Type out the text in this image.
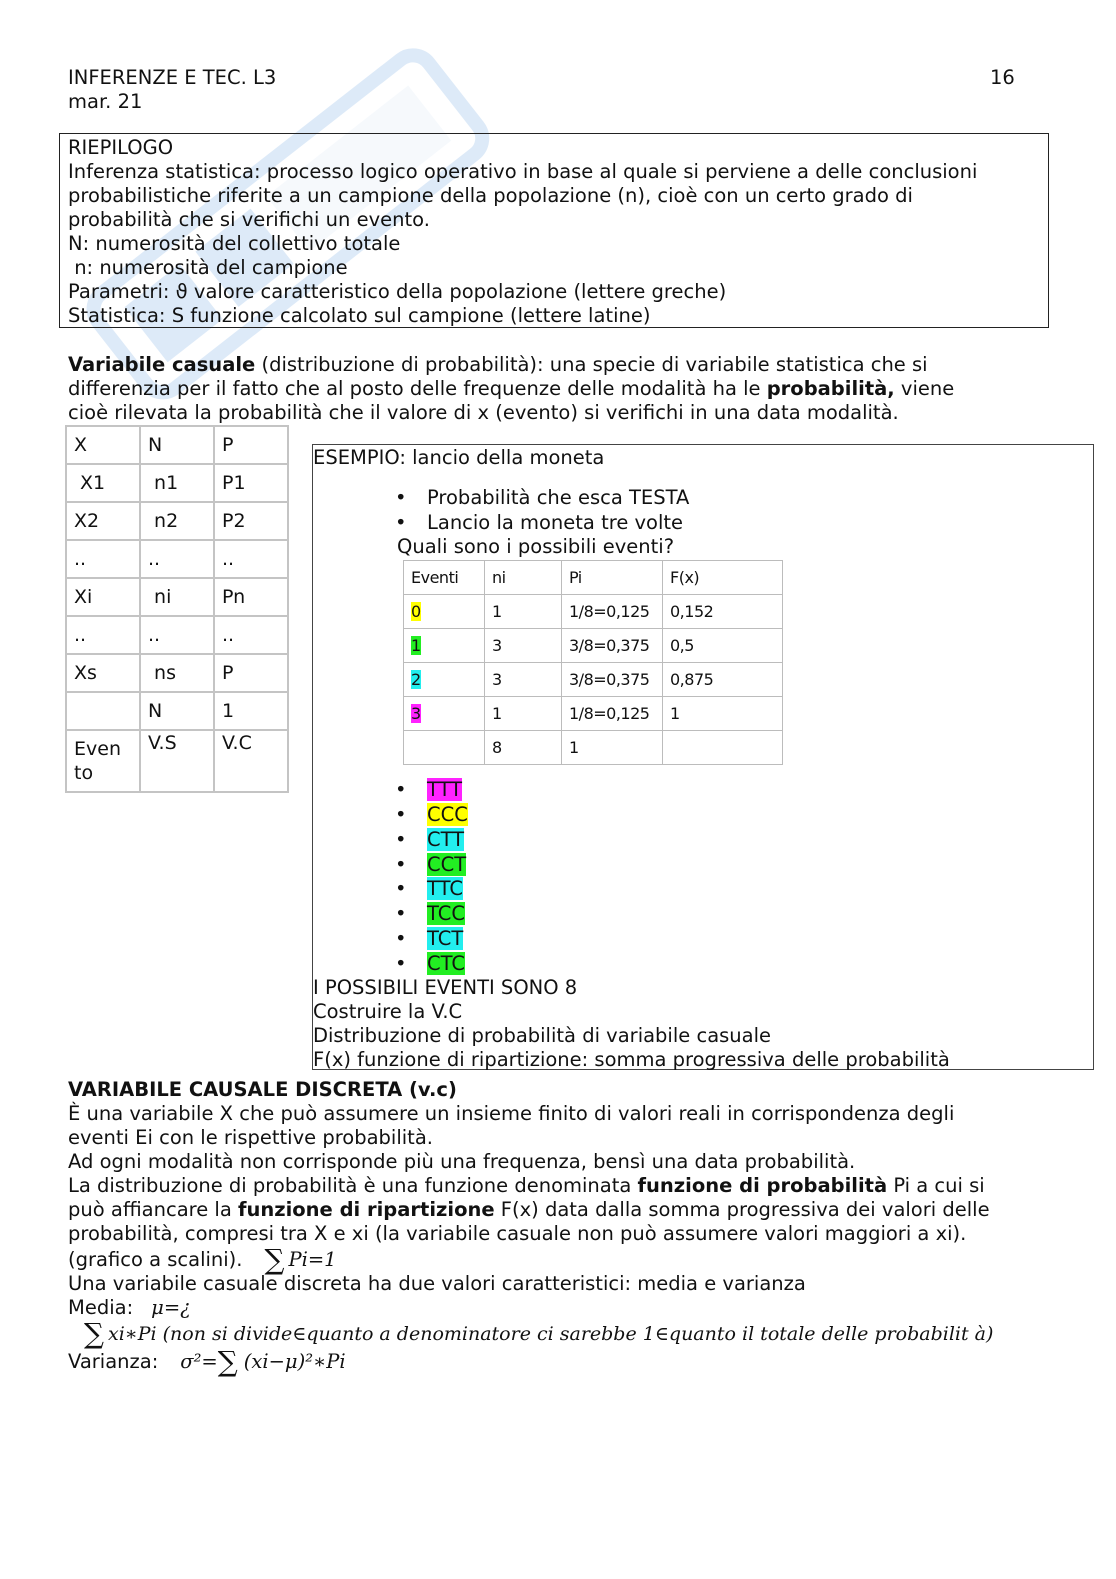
INFERENZE E TEC. L3
mar. 21
16
RIEPILOGO
Inferenza statistica: processo logico operativo in base al quale si perviene a delle conclusioni
probabilistiche riferite a un campione della popolazione (n), cioè con un certo grado di
probabilità che si verifichi un evento.
N: numerosità del collettivo totale
n: numerosità del campione
Parametri: ϑ valore caratteristico della popolazione (lettere greche)
Statistica: S funzione calcolato sul campione (lettere latine)
Variabile casuale (distribuzione di probabilità): una specie di variabile statistica che si
differenzia per il fatto che al posto delle frequenze delle modalità ha le probabilità, viene
cioè rilevata la probabilità che il valore di x (evento) si verifichi in una data modalità.
X	N	P
X1	n1	P1
X2	n2	P2
..	..	..
Xi	ni	Pn
..	..	..
Xs	ns	P
	N	1
Even to	V.S	V.C
ESEMPIO: lancio della moneta
• Probabilità che esca TESTA
• Lancio la moneta tre volte
Quali sono i possibili eventi?
Eventi	ni	Pi	F(x)
0	1	1/8=0,125	0,152
1	3	3/8=0,375	0,5
2	3	3/8=0,375	0,875
3	1	1/8=0,125	1
	8	1	
• TTT
• CCC
• CTT
• CCT
• TTC
• TCC
• TCT
• CTC
I POSSIBILI EVENTI SONO 8
Costruire la V.C
Distribuzione di probabilità di variabile casuale
F(x) funzione di ripartizione: somma progressiva delle probabilità
VARIABILE CAUSALE DISCRETA (v.c)
È una variabile X che può assumere un insieme finito di valori reali in corrispondenza degli
eventi Ei con le rispettive probabilità.
Ad ogni modalità non corrisponde più una frequenza, bensì una data probabilità.
La distribuzione di probabilità è una funzione denominata funzione di probabilità Pi a cui si
può affiancare la funzione di ripartizione F(x) data dalla somma progressiva dei valori delle
probabilità, compresi tra X e xi (la variabile casuale non può assumere valori maggiori a xi).
(grafico a scalini). ∑ Pi=1
Una variabile casuale discreta ha due valori caratteristici: media e varianza
Media: μ=¿
∑ xi∗Pi (non si divide∈quanto a denominatore ci sarebbe 1∈quanto il totale delle probabilit à)
Varianza: σ²=∑ (xi−μ)²∗Pi
